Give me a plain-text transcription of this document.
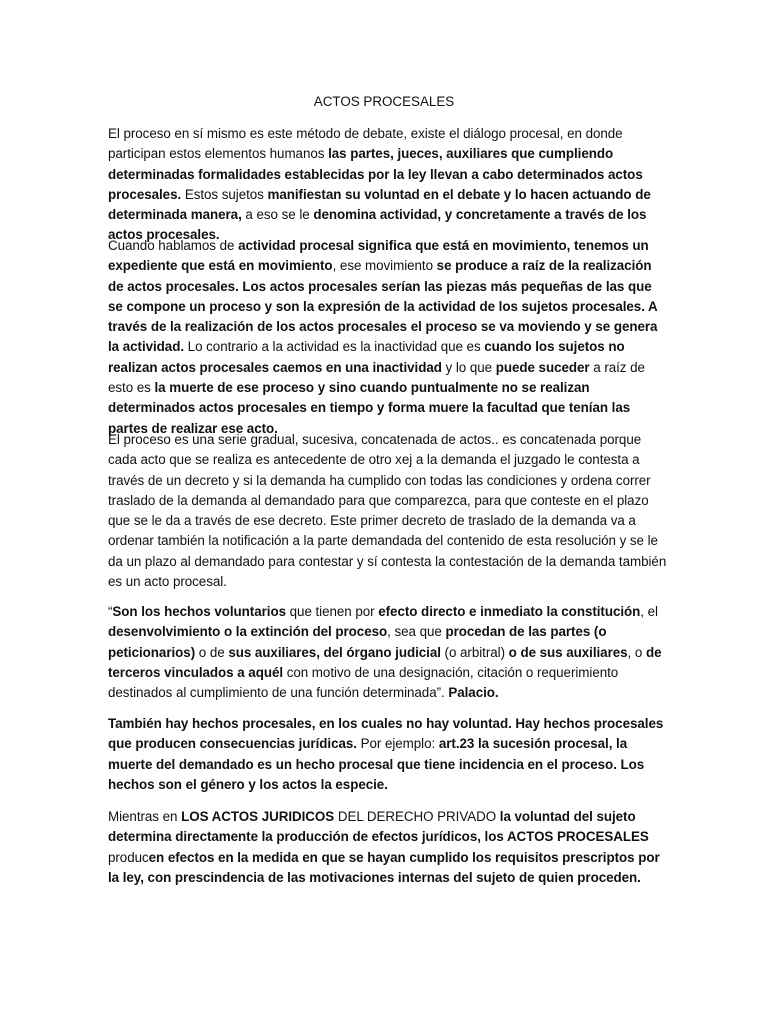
ACTOS PROCESALES

El proceso en sí mismo es este método de debate, existe el diálogo procesal, en donde participan estos elementos humanos las partes, jueces, auxiliares que cumpliendo determinadas formalidades establecidas por la ley llevan a cabo determinados actos procesales. Estos sujetos manifiestan su voluntad en el debate y lo hacen actuando de determinada manera, a eso se le denomina actividad, y concretamente a través de los actos procesales.

Cuando hablamos de actividad procesal significa que está en movimiento, tenemos un expediente que está en movimiento, ese movimiento se produce a raíz de la realización de actos procesales. Los actos procesales serían las piezas más pequeñas de las que se compone un proceso y son la expresión de la actividad de los sujetos procesales. A través de la realización de los actos procesales el proceso se va moviendo y se genera la actividad. Lo contrario a la actividad es la inactividad que es cuando los sujetos no realizan actos procesales caemos en una inactividad y lo que puede suceder a raíz de esto es la muerte de ese proceso y sino cuando puntualmente no se realizan determinados actos procesales en tiempo y forma muere la facultad que tenían las partes de realizar ese acto.

El proceso es una serie gradual, sucesiva, concatenada de actos.. es concatenada porque cada acto que se realiza es antecedente de otro xej a la demanda el juzgado le contesta a través de un decreto y si la demanda ha cumplido con todas las condiciones y ordena correr traslado de la demanda al demandado para que comparezca, para que conteste en el plazo que se le da a través de ese decreto. Este primer decreto de traslado de la demanda va a ordenar también la notificación a la parte demandada del contenido de esta resolución y se le da un plazo al demandado para contestar y sí contesta la contestación de la demanda también es un acto procesal.

“Son los hechos voluntarios que tienen por efecto directo e inmediato la constitución, el desenvolvimiento o la extinción del proceso, sea que procedan de las partes (o peticionarios) o de sus auxiliares, del órgano judicial (o arbitral) o de sus auxiliares, o de terceros vinculados a aquél con motivo de una designación, citación o requerimiento destinados al cumplimiento de una función determinada”. Palacio.

También hay hechos procesales, en los cuales no hay voluntad. Hay hechos procesales que producen consecuencias jurídicas. Por ejemplo: art.23 la sucesión procesal, la muerte del demandado es un hecho procesal que tiene incidencia en el proceso. Los hechos son el género y los actos la especie.

Mientras en LOS ACTOS JURIDICOS DEL DERECHO PRIVADO la voluntad del sujeto determina directamente la producción de efectos jurídicos, los ACTOS PROCESALES producen efectos en la medida en que se hayan cumplido los requisitos prescriptos por la ley, con prescindencia de las motivaciones internas del sujeto de quien proceden.
